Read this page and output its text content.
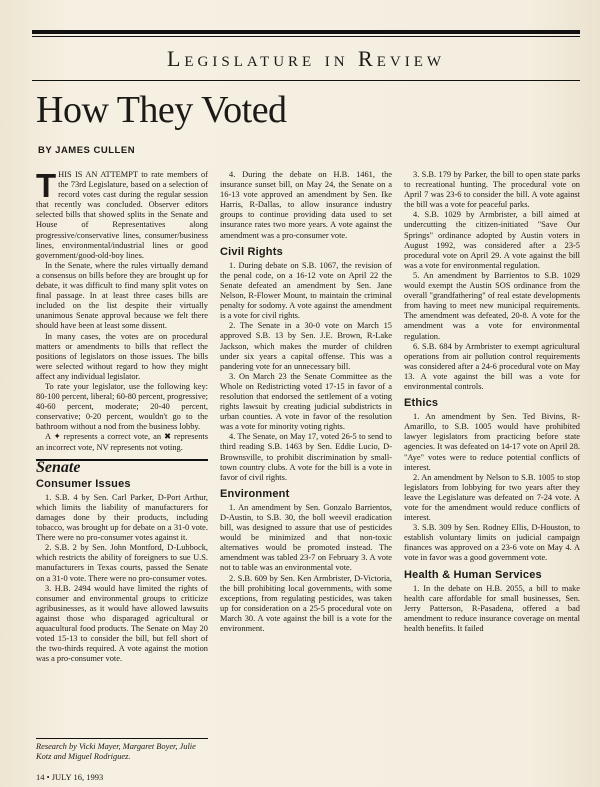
Legislature in Review
How They Voted
BY JAMES CULLEN

THIS IS AN ATTEMPT to rate members of the 73rd Legislature, based on a selection of record votes cast during the regular session that recently was concluded. Observer editors selected bills that showed splits in the Senate and House of Representatives along progressive/conservative lines, consumer/business lines, environmental/industrial lines or good government/good-old-boy lines.

In the Senate, where the rules virtually demand a consensus on bills before they are brought up for debate, it was difficult to find many split votes on final passage. In at least three cases bills are included on the list despite their virtually unanimous Senate approval because we felt there should have been at least some dissent.

In many cases, the votes are on procedural matters or amendments to bills that reflect the positions of legislators on those issues. The bills were selected without regard to how they might affect any individual legislator.

To rate your legislator, use the following key: 80-100 percent, liberal; 60-80 percent, progressive; 40-60 percent, moderate; 20-40 percent, conservative; 0-20 percent, wouldn't go to the bathroom without a nod from the business lobby.

A ✦ represents a correct vote, an ✖ represents an incorrect vote, NV represents not voting.

Senate
Consumer Issues

1. S.B. 4 by Sen. Carl Parker, D-Port Arthur, which limits the liability of manufacturers for damages done by their products, including tobacco, was brought up for debate on a 31-0 vote. There were no pro-consumer votes against it.

2. S.B. 2 by Sen. John Montford, D-Lubbock, which restricts the ability of foreigners to sue U.S. manufacturers in Texas courts, passed the Senate on a 31-0 vote. There were no pro-consumer votes.

3. H.B. 2494 would have limited the rights of consumer and environmental groups to criticize agribusinesses, as it would have allowed lawsuits against those who disparaged agricultural or aquacultural food products. The Senate on May 20 voted 15-13 to consider the bill, but fell short of the two-thirds required. A vote against the motion was a pro-consumer vote.

Research by Vicki Mayer, Margaret Boyer, Julie Kotz and Miguel Rodriguez.
14 • JULY 16, 1993

4. During the debate on H.B. 1461, the insurance sunset bill, on May 24, the Senate on a 16-13 vote approved an amendment by Sen. Ike Harris, R-Dallas, to allow insurance industry groups to continue providing data used to set insurance rates two more years. A vote against the amendment was a pro-consumer vote.

Civil Rights

1. During debate on S.B. 1067, the revision of the penal code, on a 16-12 vote on April 22 the Senate defeated an amendment by Sen. Jane Nelson, R-Flower Mount, to maintain the criminal penalty for sodomy. A vote against the amendment is a vote for civil rights.

2. The Senate in a 30-0 vote on March 15 approved S.B. 13 by Sen. J.E. Brown, R-Lake Jackson, which makes the murder of children under six years a capital offense. This was a pandering vote for an unnecessary bill.

3. On March 23 the Senate Committee as the Whole on Redistricting voted 17-15 in favor of a resolution that endorsed the settlement of a voting rights lawsuit by creating judicial subdistricts in urban counties. A vote in favor of the resolution was a vote for minority voting rights.

4. The Senate, on May 17, voted 26-5 to send to third reading S.B. 1463 by Sen. Eddie Lucio, D-Brownsville, to prohibit discrimination by small-town country clubs. A vote for the bill is a vote in favor of civil rights.

Environment

1. An amendment by Sen. Gonzalo Barrientos, D-Austin, to S.B. 30, the boll weevil eradication bill, was designed to assure that use of pesticides would be minimized and that non-toxic alternatives would be promoted instead. The amendment was tabled 23-7 on February 3. A vote not to table was an environmental vote.

2. S.B. 609 by Sen. Ken Armbrister, D-Victoria, the bill prohibiting local governments, with some exceptions, from regulating pesticides, was taken up for consideration on a 25-5 procedural vote on March 30. A vote against the bill is a vote for the environment.

3. S.B. 179 by Parker, the bill to open state parks to recreational hunting. The procedural vote on April 7 was 23-6 to consider the bill. A vote against the bill was a vote for peaceful parks.

4. S.B. 1029 by Armbrister, a bill aimed at undercutting the citizen-initiated "Save Our Springs" ordinance adopted by Austin voters in August 1992, was considered after a 23-5 procedural vote on April 29. A vote against the bill was a vote for environmental regulation.

5. An amendment by Barrientos to S.B. 1029 would exempt the Austin SOS ordinance from the overall "grandfathering" of real estate developments from having to meet new municipal requirements. The amendment was defeated, 20-8. A vote for the amendment was a vote for environmental regulation.

6. S.B. 684 by Armbrister to exempt agricultural operations from air pollution control requirements was considered after a 24-6 procedural vote on May 13. A vote against the bill was a vote for environmental controls.

Ethics

1. An amendment by Sen. Ted Bivins, R-Amarillo, to S.B. 1005 would have prohibited lawyer legislators from practicing before state agencies. It was defeated on 14-17 vote on April 28. "Aye" votes were to reduce potential conflicts of interest.

2. An amendment by Nelson to S.B. 1005 to stop legislators from lobbying for two years after they leave the Legislature was defeated on 7-24 vote. A vote for the amendment would reduce conflicts of interest.

3. S.B. 309 by Sen. Rodney Ellis, D-Houston, to establish voluntary limits on judicial campaign finances was approved on a 23-6 vote on May 4. A vote in favor was a good government vote.

Health & Human Services

1. In the debate on H.B. 2055, a bill to make health care affordable for small businesses, Sen. Jerry Patterson, R-Pasadena, offered a bad amendment to reduce insurance coverage on mental health benefits. It failed
